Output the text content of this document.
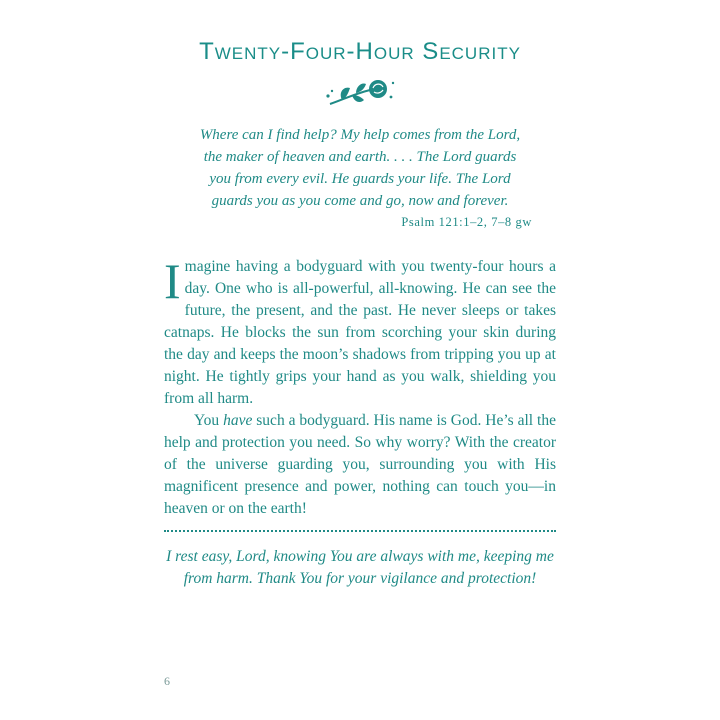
Twenty-Four-Hour Security

Where can I find help? My help comes from the Lord,

the maker of heaven and earth. . . . The Lord guards

you from every evil. He guards your life. The Lord

guards you as you come and go, now and forever.

Psalm 121:1–2, 7–8 gw

Imagine having a bodyguard with you twenty-four hours a day. One who is all-powerful, all-knowing. He can see the future, the present, and the past. He never sleeps or takes catnaps. He blocks the sun from scorching your skin during the day and keeps the moon’s shadows from tripping you up at night. He tightly grips your hand as you walk, shielding you from all harm.

You have such a bodyguard. His name is God. He’s all the help and protection you need. So why worry? With the creator of the universe guarding you, surrounding you with His magnificent presence and power, nothing can touch you—in heaven or on the earth!

I rest easy, Lord, knowing You are always with me, keeping me

from harm. Thank You for your vigilance and protection!

6
